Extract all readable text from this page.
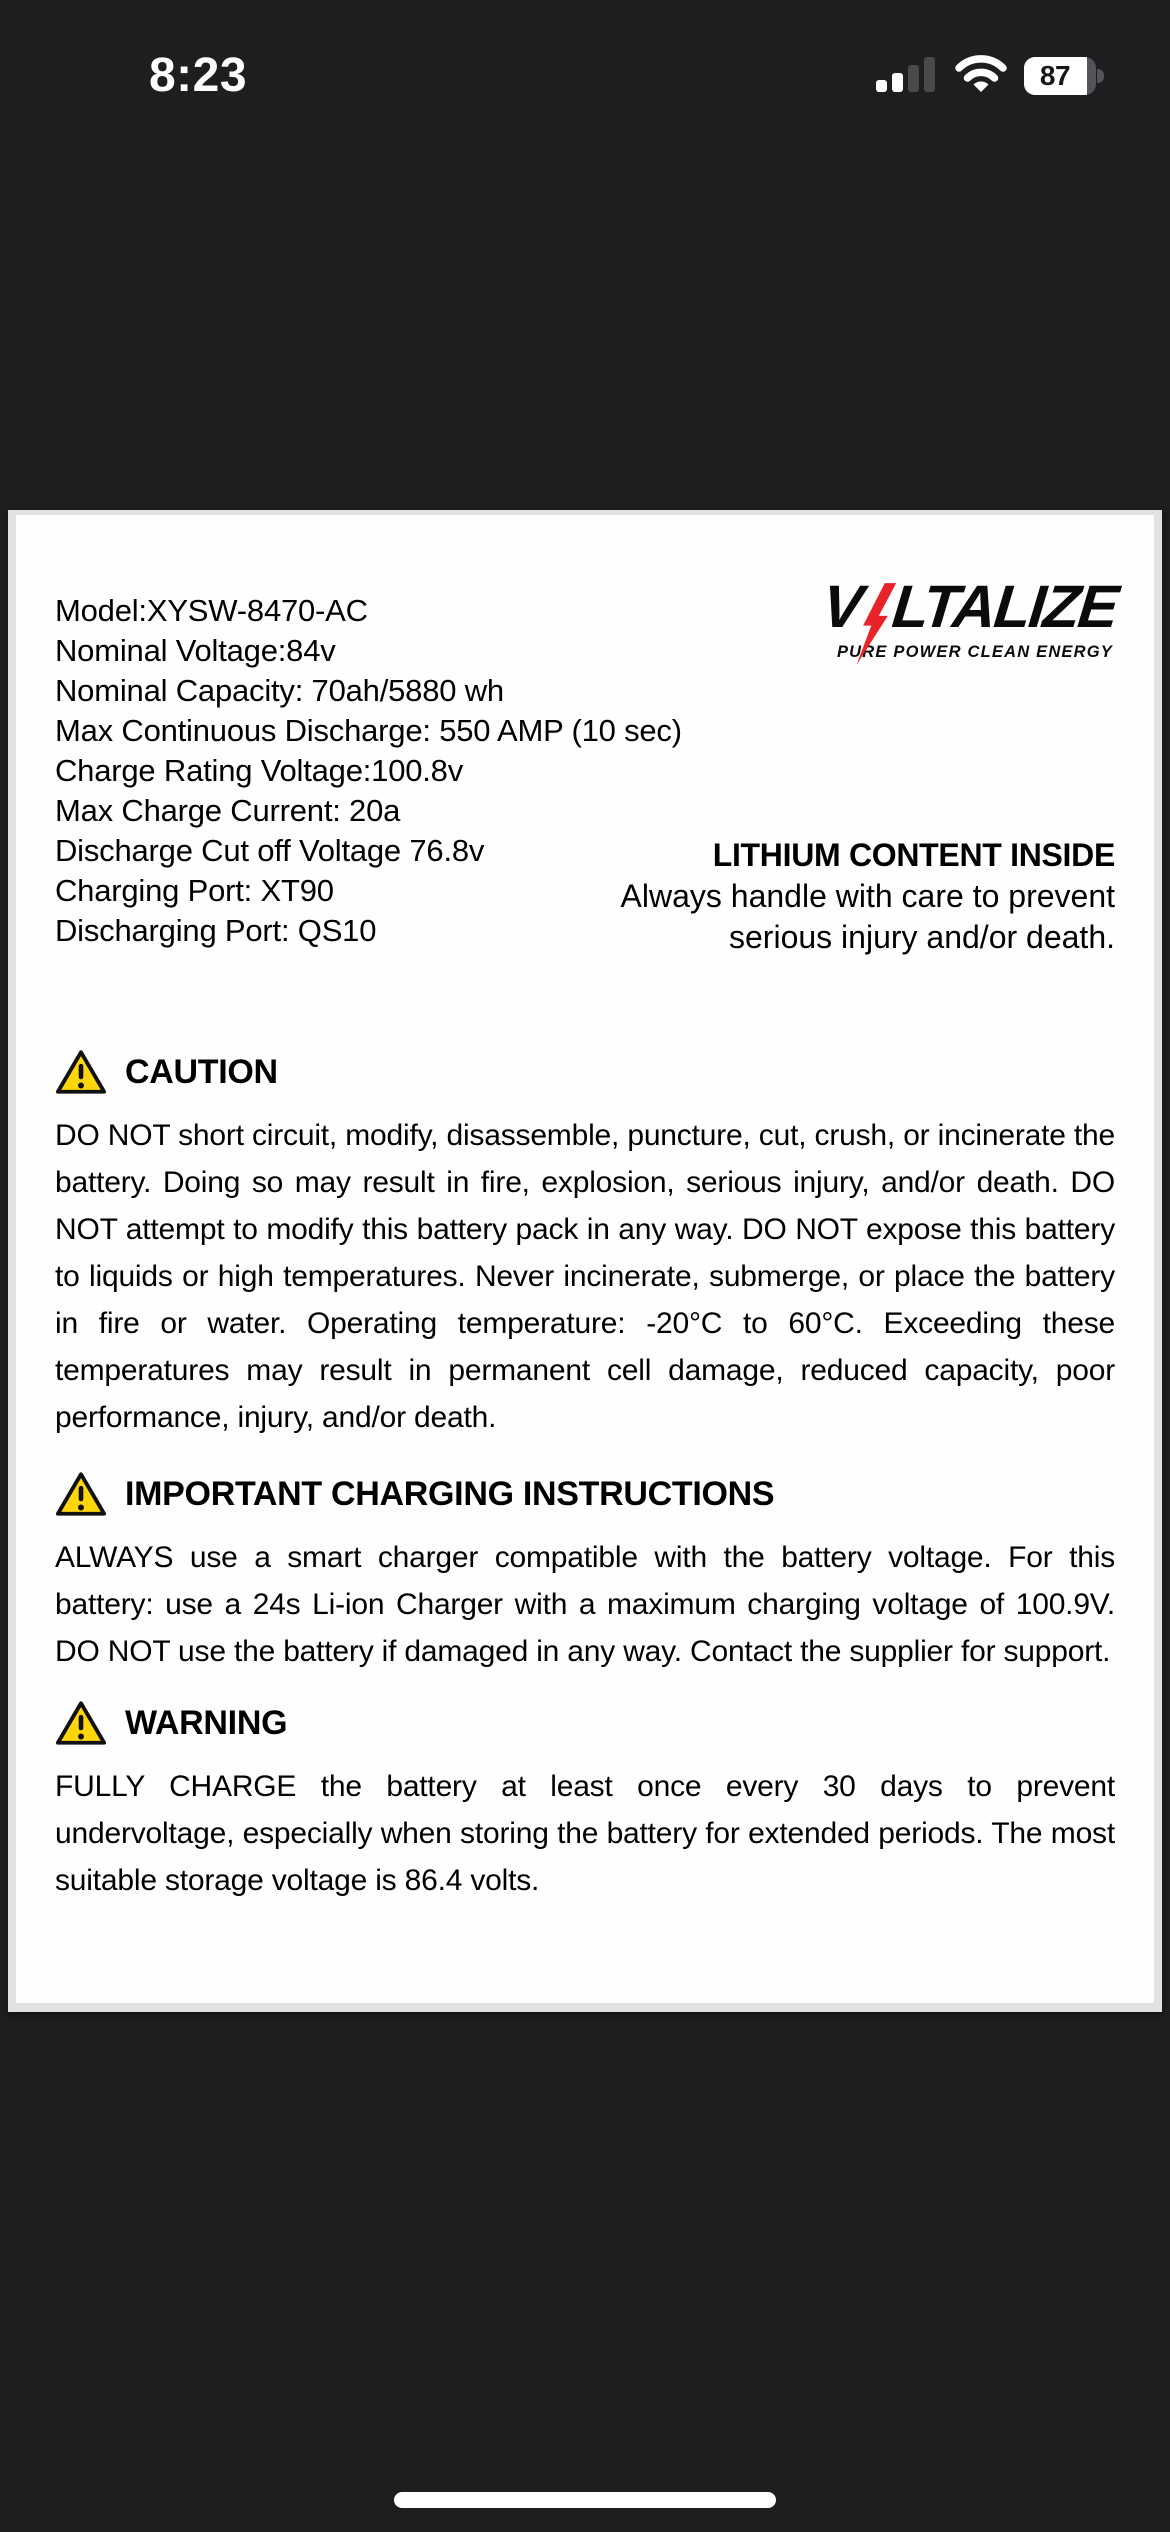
8:23	87
Model:XYSW-8470-AC
Nominal Voltage:84v
Nominal Capacity: 70ah/5880 wh
Max Continuous Discharge: 550 AMP (10 sec)
Charge Rating Voltage:100.8v
Max Charge Current: 20a
Discharge Cut off Voltage 76.8v
Charging Port: XT90
Discharging Port: QS10
V LTALIZE
PURE POWER CLEAN ENERGY
LITHIUM CONTENT INSIDE
Always handle with care to prevent
serious injury and/or death.
CAUTION
DO NOT short circuit, modify, disassemble, puncture, cut, crush, or incinerate the battery. Doing so may result in fire, explosion, serious injury, and/or death. DO NOT attempt to modify this battery pack in any way. DO NOT expose this battery to liquids or high temperatures. Never incinerate, submerge, or place the battery in fire or water. Operating temperature: -20°C to 60°C. Exceeding these temperatures may result in permanent cell damage, reduced capacity, poor performance, injury, and/or death.
IMPORTANT CHARGING INSTRUCTIONS
ALWAYS use a smart charger compatible with the battery voltage. For this battery: use a 24s Li-ion Charger with a maximum charging voltage of 100.9V. DO NOT use the battery if damaged in any way. Contact the supplier for support.
WARNING
FULLY CHARGE the battery at least once every 30 days to prevent undervoltage, especially when storing the battery for extended periods. The most suitable storage voltage is 86.4 volts.
